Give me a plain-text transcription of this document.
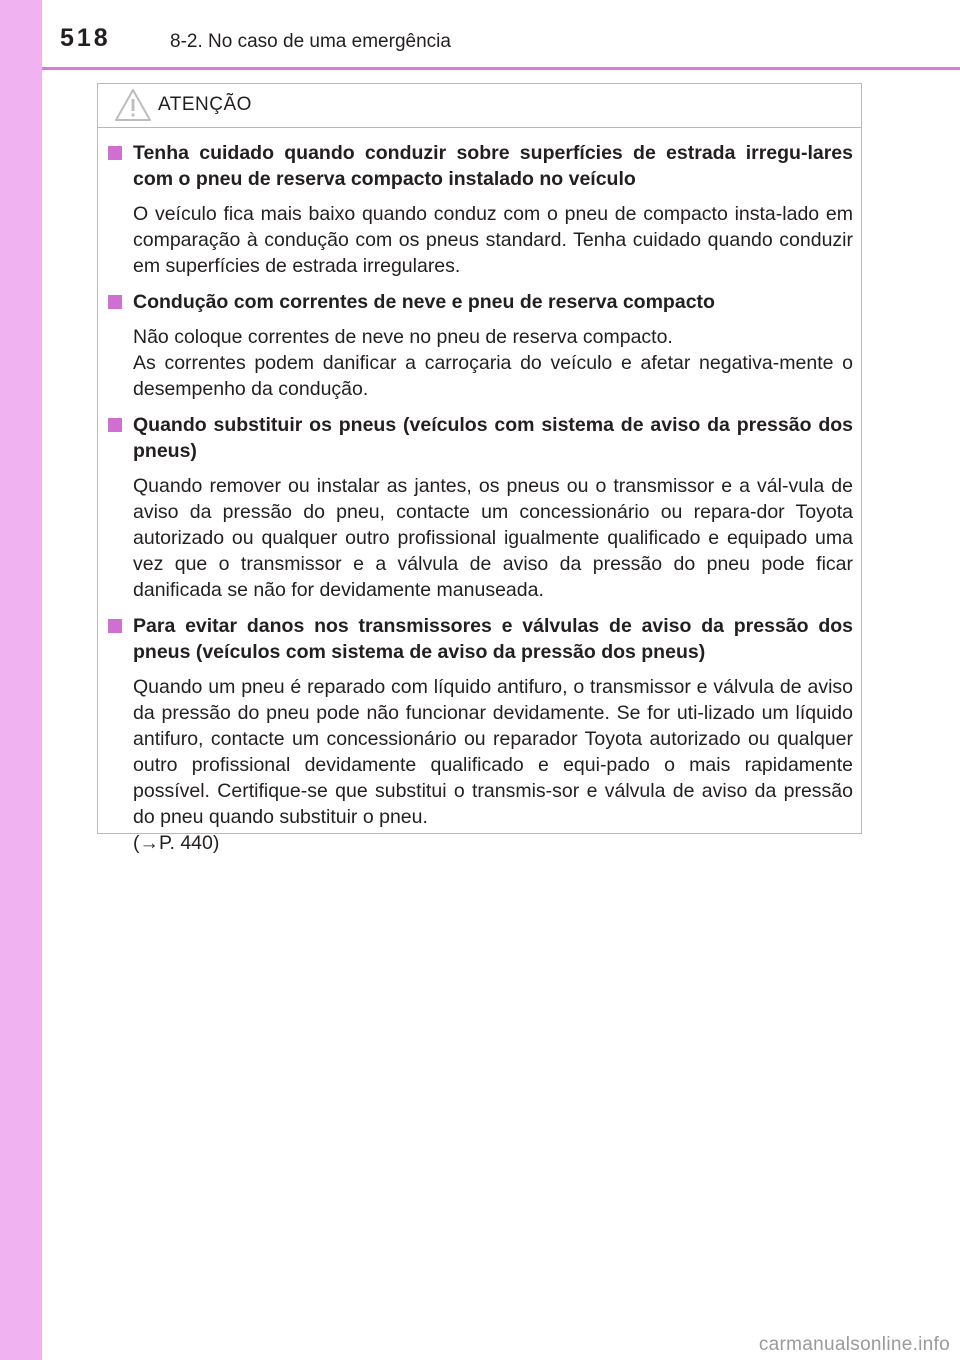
518	8-2. No caso de uma emergência
ATENÇÃO
Tenha cuidado quando conduzir sobre superfícies de estrada irregu-lares com o pneu de reserva compacto instalado no veículo

O veículo fica mais baixo quando conduz com o pneu de compacto insta-lado em comparação à condução com os pneus standard. Tenha cuidado quando conduzir em superfícies de estrada irregulares.

Condução com correntes de neve e pneu de reserva compacto

Não coloque correntes de neve no pneu de reserva compacto.

As correntes podem danificar a carroçaria do veículo e afetar negativa-mente o desempenho da condução.

Quando substituir os pneus (veículos com sistema de aviso da pressão dos pneus)

Quando remover ou instalar as jantes, os pneus ou o transmissor e a vál-vula de aviso da pressão do pneu, contacte um concessionário ou repara-dor Toyota autorizado ou qualquer outro profissional igualmente qualificado e equipado uma vez que o transmissor e a válvula de aviso da pressão do pneu pode ficar danificada se não for devidamente manuseada.

Para evitar danos nos transmissores e válvulas de aviso da pressão dos pneus (veículos com sistema de aviso da pressão dos pneus)

Quando um pneu é reparado com líquido antifuro, o transmissor e válvula de aviso da pressão do pneu pode não funcionar devidamente. Se for uti-lizado um líquido antifuro, contacte um concessionário ou reparador Toyota autorizado ou qualquer outro profissional devidamente qualificado e equi-pado o mais rapidamente possível. Certifique-se que substitui o transmis-sor e válvula de aviso da pressão do pneu quando substituir o pneu.

(→P. 440)

carmanualsonline.info
